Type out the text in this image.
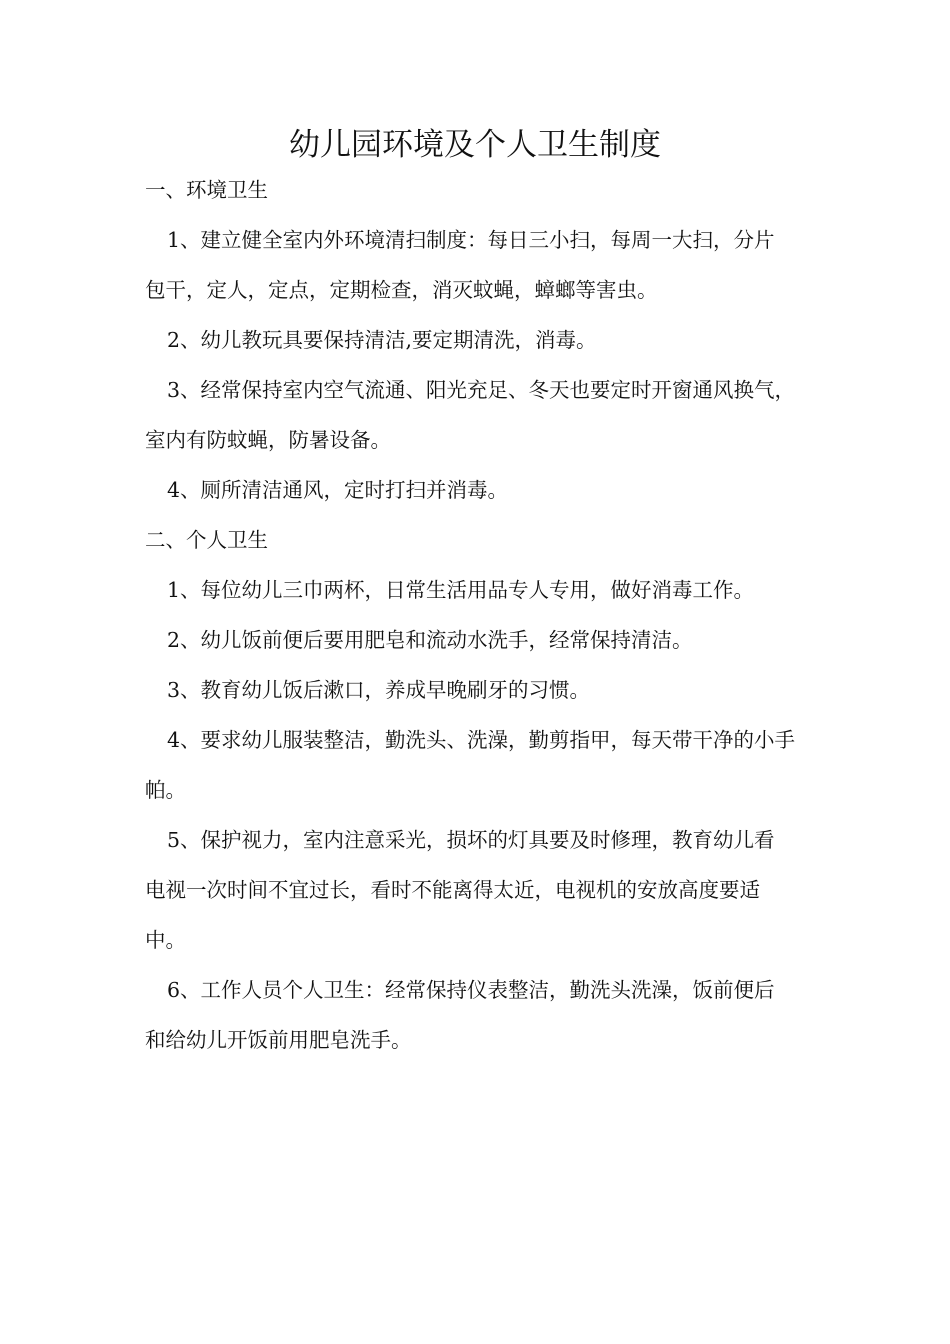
幼儿园环境及个人卫生制度
一、环境卫生
1、建立健全室内外环境清扫制度：每日三小扫，每周一大扫，分片
包干，定人，定点，定期检查，消灭蚊蝇，蟑螂等害虫。
2、幼儿教玩具要保持清洁,要定期清洗，消毒。
3、经常保持室内空气流通、阳光充足、冬天也要定时开窗通风换气，
室内有防蚊蝇，防暑设备。
4、厕所清洁通风，定时打扫并消毒。
二、个人卫生
1、每位幼儿三巾两杯，日常生活用品专人专用，做好消毒工作。
2、幼儿饭前便后要用肥皂和流动水洗手，经常保持清洁。
3、教育幼儿饭后漱口，养成早晚刷牙的习惯。
4、要求幼儿服装整洁，勤洗头、洗澡，勤剪指甲，每天带干净的小手
帕。
5、保护视力，室内注意采光，损坏的灯具要及时修理，教育幼儿看
电视一次时间不宜过长，看时不能离得太近，电视机的安放高度要适
中。
6、工作人员个人卫生：经常保持仪表整洁，勤洗头洗澡，饭前便后
和给幼儿开饭前用肥皂洗手。
